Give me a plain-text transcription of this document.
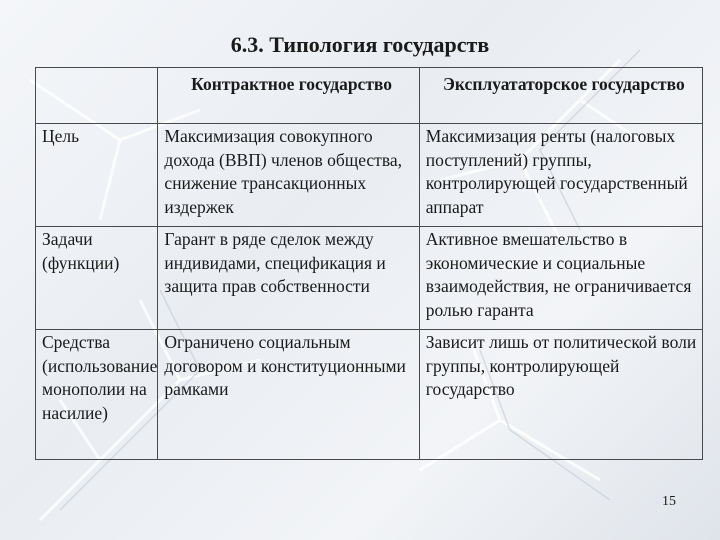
6.3. Типология государств
	Контрактное государство	Эксплуататорское государство
Цель	Максимизация совокупного дохода (ВВП) членов общества, снижение трансакционных издержек	Максимизация ренты (налоговых поступлений) группы, контролирующей государственный аппарат
Задачи (функции)	Гарант в ряде сделок между индивидами, спецификация и защита прав собственности	Активное вмешательство в экономические и социальные взаимодействия, не ограничивается ролью гаранта
Средства (использование монополии на насилие)	Ограничено социальным договором и конституционными рамками	Зависит лишь от политической воли группы, контролирующей государство
15
